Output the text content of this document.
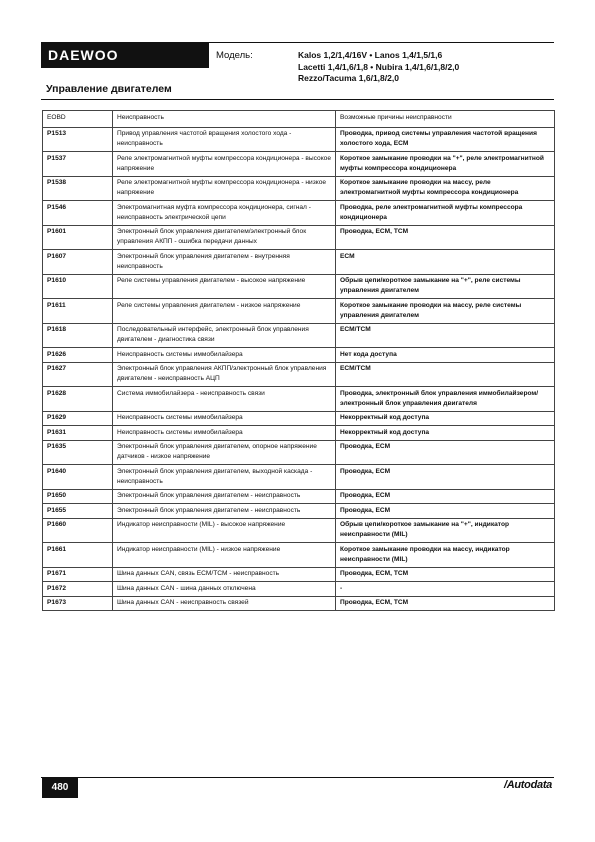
DAEWOO	Модель:	Kalos 1,2/1,4/16V • Lanos 1,4/1,5/1,6
Lacetti 1,4/1,6/1,8 • Nubira 1,4/1,6/1,8/2,0
Rezzo/Tacuma 1,6/1,8/2,0
Управление двигателем
EOBD	Неисправность	Возможные причины неисправности
P1513	Привод управления частотой вращения холостого хода - неисправность	Проводка, привод системы управления частотой вращения холостого хода, ECM
P1537	Реле электромагнитной муфты компрессора кондиционера - высокое напряжение	Короткое замыкание проводки на "+", реле электромагнитной муфты компрессора кондиционера
P1538	Реле электромагнитной муфты компрессора кондиционера - низкое напряжение	Короткое замыкание проводки на массу, реле электромагнитной муфты компрессора кондиционера
P1546	Электромагнитная муфта компрессора кондиционера, сигнал - неисправность электрической цепи	Проводка, реле электромагнитной муфты компрессора кондиционера
P1601	Электронный блок управления двигателем/электронный блок управления АКПП - ошибка передачи данных	Проводка, ECM, TCM
P1607	Электронный блок управления двигателем - внутренняя неисправность	ECM
P1610	Реле системы управления двигателем - высокое напряжение	Обрыв цепи/короткое замыкание на "+", реле системы управления двигателем
P1611	Реле системы управления двигателем - низкое напряжение	Короткое замыкание проводки на массу, реле системы управления двигателем
P1618	Последовательный интерфейс, электронный блок управления двигателем - диагностика связи	ECM/TCM
P1626	Неисправность системы иммобилайзера	Нет кода доступа
P1627	Электронный блок управления АКПП/электронный блок управления двигателем - неисправность АЦП	ECM/TCM
P1628	Система иммобилайзера - неисправность связи	Проводка, электронный блок управления иммобилайзером/электронный блок управления двигателя
P1629	Неисправность системы иммобилайзера	Некорректный код доступа
P1631	Неисправность системы иммобилайзера	Некорректный код доступа
P1635	Электронный блок управления двигателем, опорное напряжение датчиков - низкое напряжение	Проводка, ECM
P1640	Электронный блок управления двигателем, выходной каскада - неисправность	Проводка, ECM
P1650	Электронный блок управления двигателем - неисправность	Проводка, ECM
P1655	Электронный блок управления двигателем - неисправность	Проводка, ECM
P1660	Индикатор неисправности (MIL) - высокое напряжение	Обрыв цепи/короткое замыкание на "+", индикатор неисправности (MIL)
P1661	Индикатор неисправности (MIL) - низкое напряжение	Короткое замыкание проводки на массу, индикатор неисправности (MIL)
P1671	Шина данных CAN, связь ECM/TCM - неисправность	Проводка, ECM, TCM
P1672	Шина данных CAN - шина данных отключена	-
P1673	Шина данных CAN - неисправность связей	Проводка, ECM, TCM
480	/Autodata
